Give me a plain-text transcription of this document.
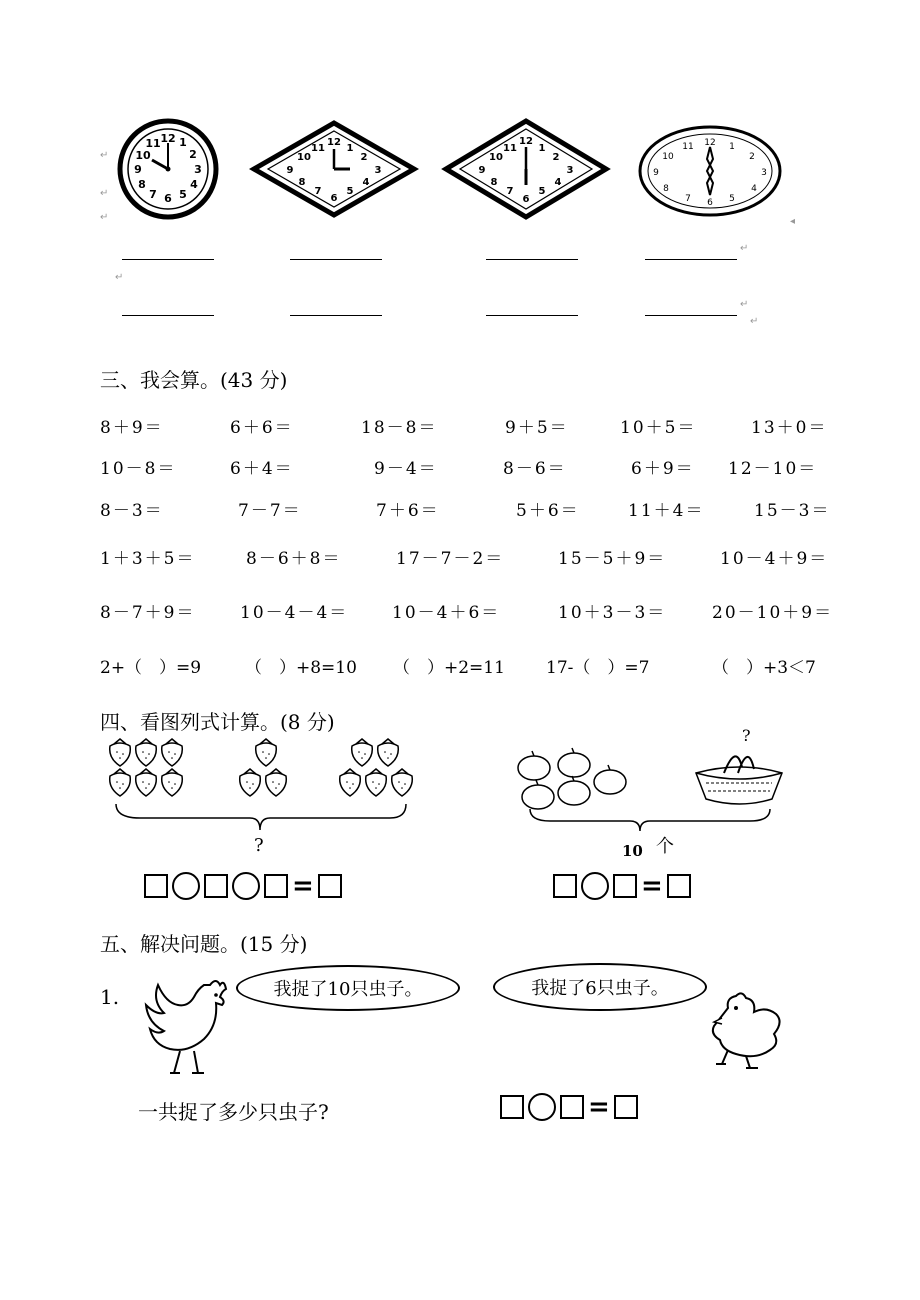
↵
↵
↵
12 1
2
3
4
5
6
7
8
9
10
11	12
1
2
3
4
5
6
7
8
9
10
11
12
1
2
3
4
5
6
7
8
9
10
11	12 1
2
3
4
5
6
7
8
9
10
11
◂
↵
↵
↵
↵
三、我会算。(43 分)
8＋9＝	6＋6＝	18－8＝	9＋5＝	10＋5＝	13＋0＝
10－8＝	6＋4＝	9－4＝	8－6＝	6＋9＝ 12－10＝
8－3＝	7－7＝	7＋6＝	5＋6＝	11＋4＝	15－3＝
1＋3＋5＝	8－6＋8＝	17－7－2＝	15－5＋9＝	10－4＋9＝
8－7＋9＝	10－4－4＝	10－4＋6＝	10＋3－3＝	20－10＋9＝
2+（　）=9	（　）+8=10 （　）+2=11 17-（　）=7	（　）+3＜7
四、看图列式计算。(8 分)
?
=
?
10 个
=
五、解决问题。(15 分)
1.	我捉了10只虫子。	我捉了6只虫子。
一共捉了多少只虫子?	=
